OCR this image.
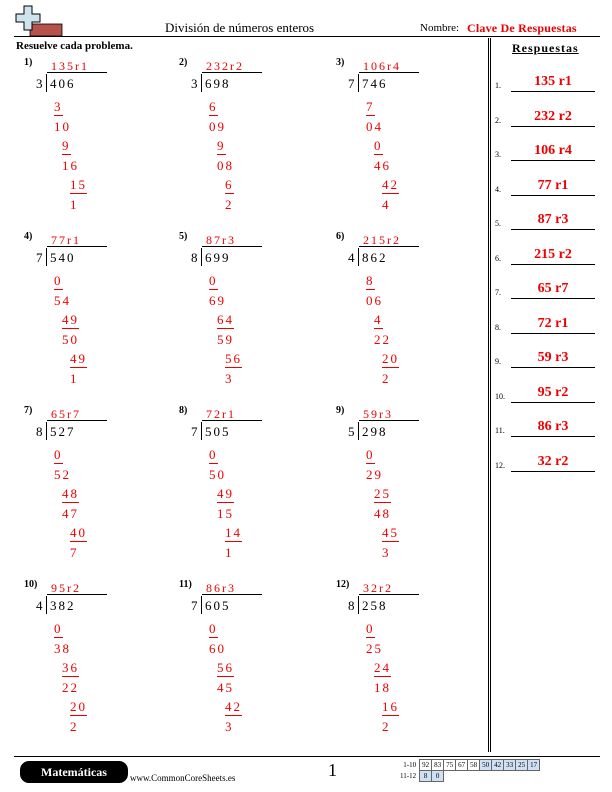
División de números enteros	Nombre: Clave De Respuestas
Resuelve cada problema.	Respuestas
1.	135 r1
2.	232 r2
3.	106 r4
4.	77 r1
5.	87 r3
6.	215 r2
7.	65 r7
8.	72 r1
9.	59 r3
10.	95 r2
11.	86 r3
12.	32 r2
1)	135r1
3 406
3
10
9
16
15
1
2)	232r2
3 698
6
09
9
08
6
2
3)	106r4
7 746
7
04
0
46
42
4
4)	77r1
7 540
0
54
49
50
49
1
5)	87r3
8 699
0
69
64
59
56
3
6)	215r2
4 862
8
06
4
22
20
2
7)	65r7
8 527
0
52
48
47
40
7
8)	72r1
7 505
0
50
49
15
14
1
9)	59r3
5 298
0
29
25
48
45
3
10)	95r2
4 382
0
38
36
22
20
2
11)	86r3
7 605
0
60
56
45
42
3
12)	32r2
8 258
0
25
24
18
16
2
Matemáticas	www.CommonCoreSheets.es	1	1-10	92	83	75	67	58	50	42	33	25	17
11-12	8	0								
